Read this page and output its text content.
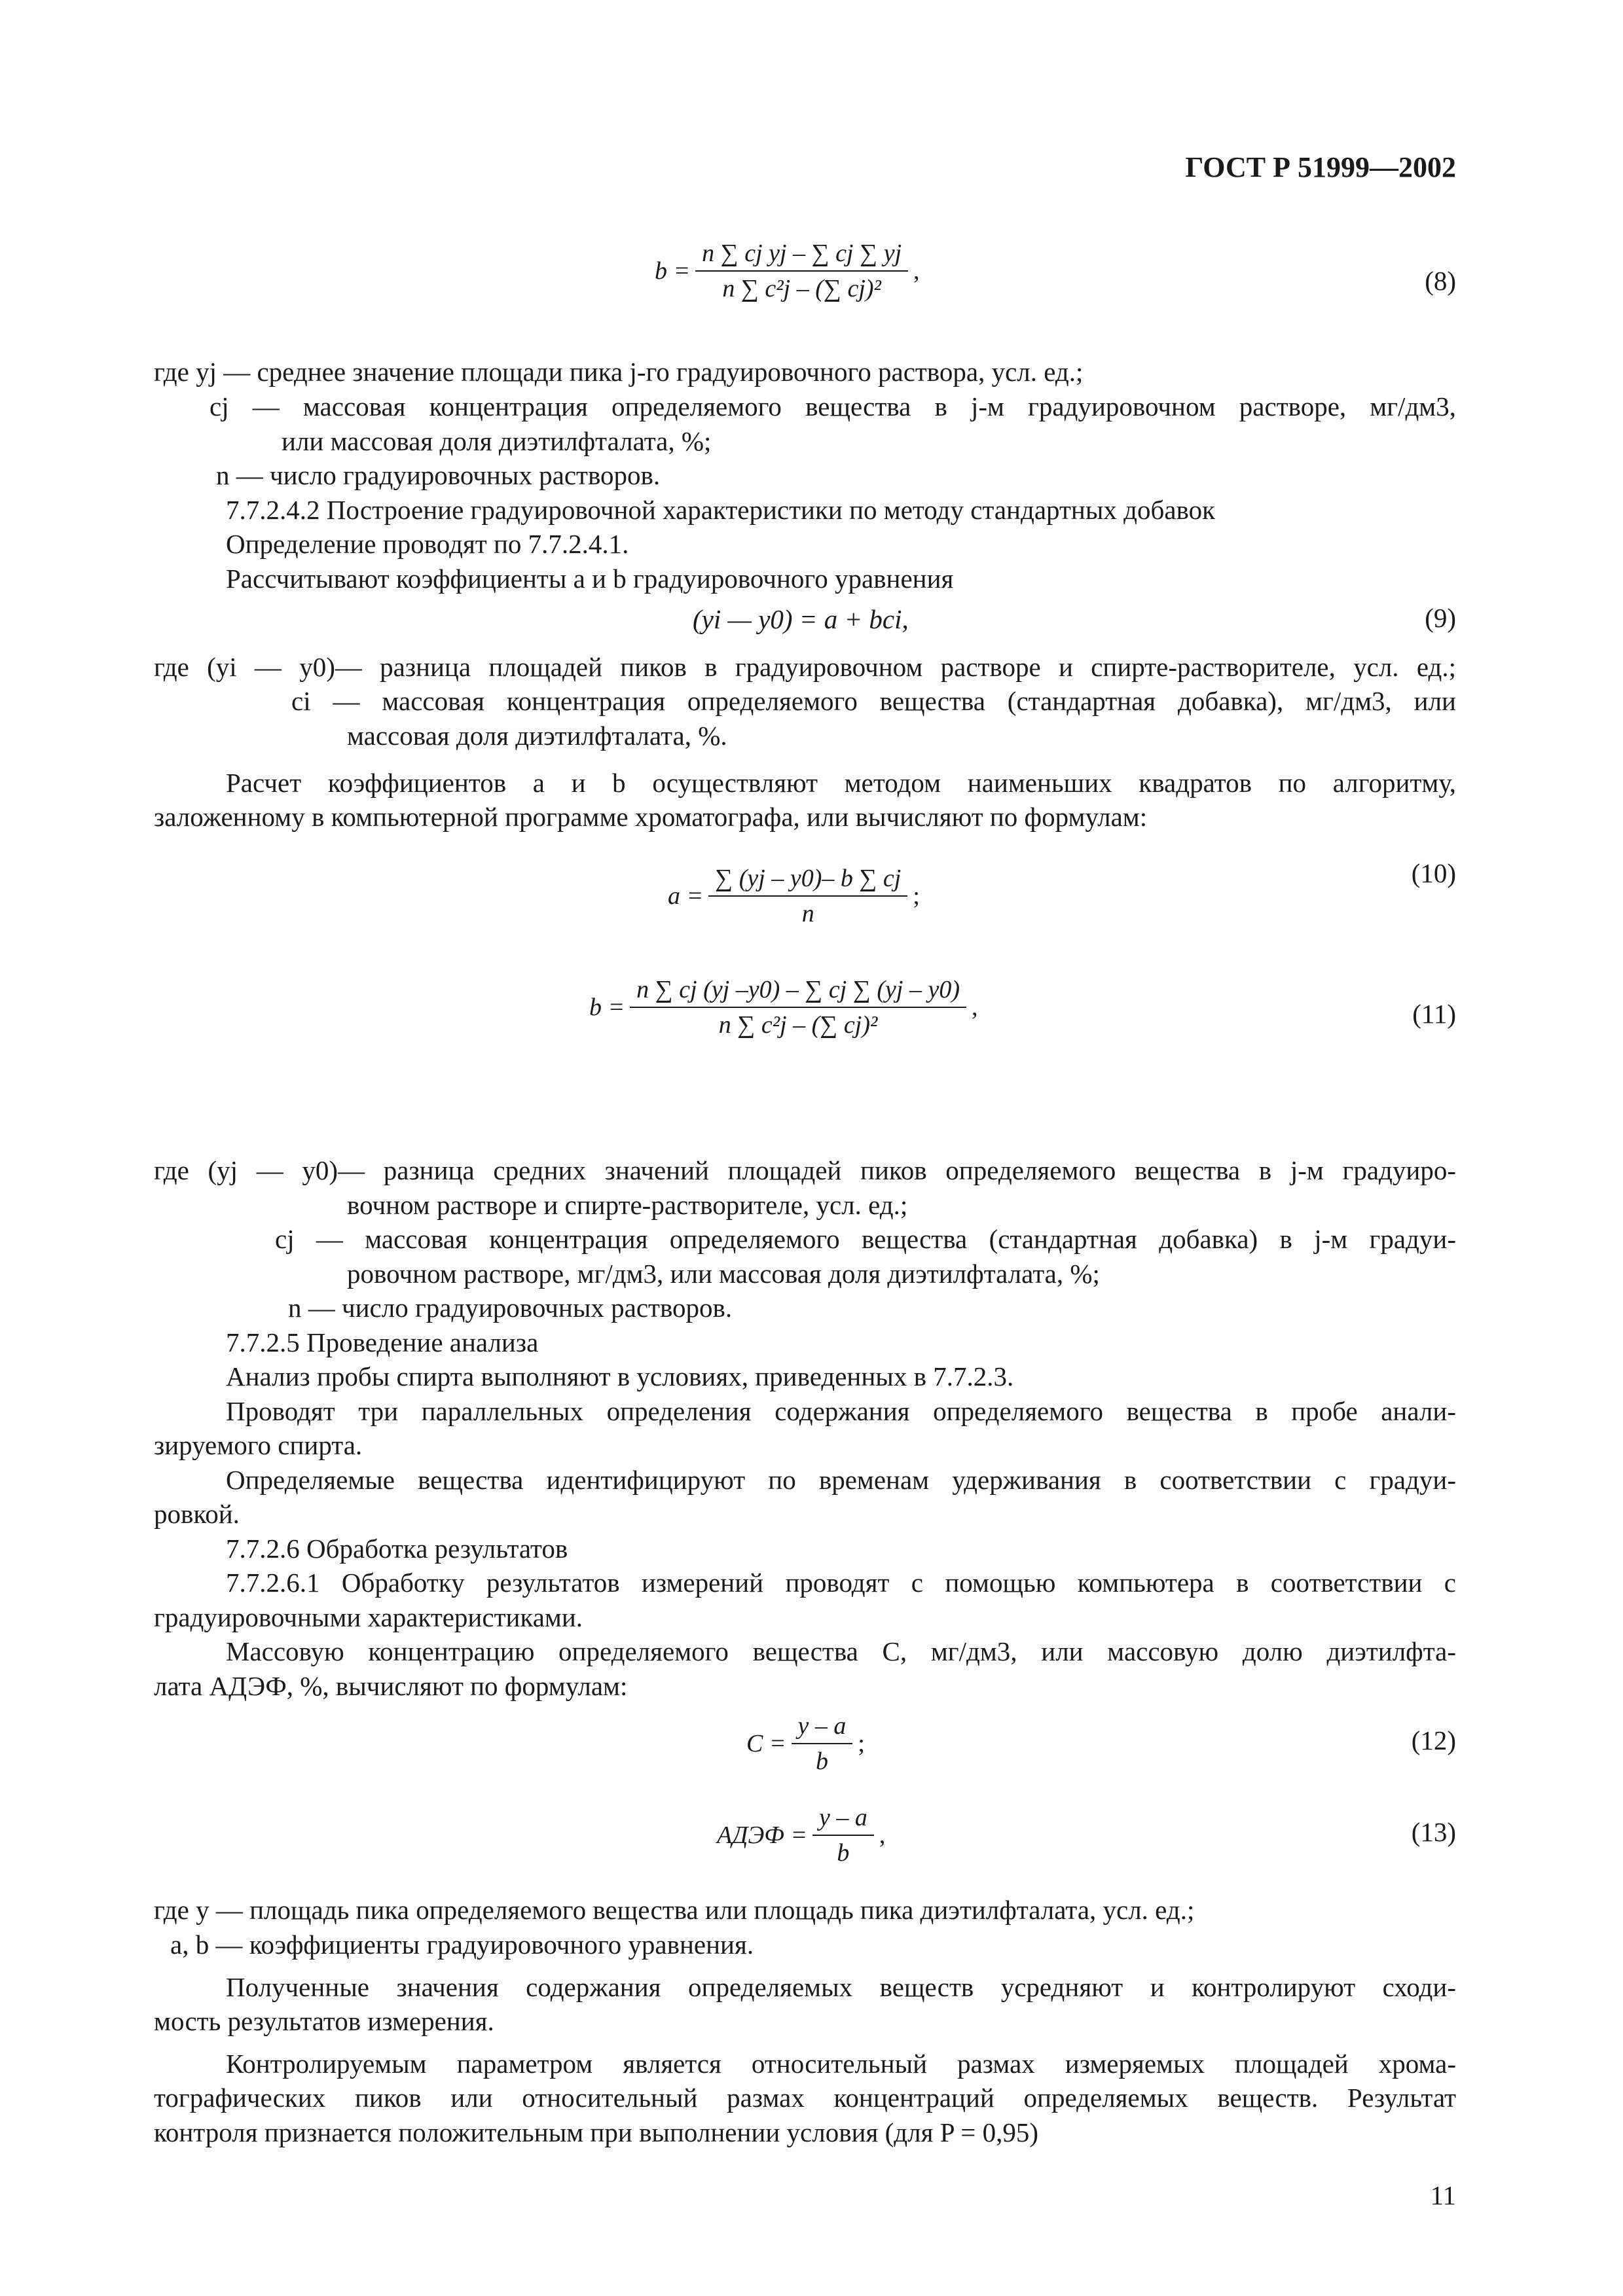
ГОСТ Р 51999—2002
$b = \frac{\text{n ∑ cj yj – ∑ cj ∑ yj}}{\text{n ∑ c²j – (∑ cj)²}}$ ,	(8)
где yj — среднее значение площади пика j-го градуировочного раствора, усл. ед.;
cj — массовая концентрация определяемого вещества в j-м градуировочном растворе, мг/дм3,
или массовая доля диэтилфталата, %;
n — число градуировочных растворов.
7.7.2.4.2 Построение градуировочной характеристики по методу стандартных добавок
Определение проводят по 7.7.2.4.1.
Рассчитывают коэффициенты a и b градуировочного уравнения
(yi — y0) = a + bci,	(9)
где (yi — y0)— разница площадей пиков в градуировочном растворе и спирте-растворителе, усл. ед.;
ci — массовая концентрация определяемого вещества (стандартная добавка), мг/дм3, или
массовая доля диэтилфталата, %.
Расчет коэффициентов a и b осуществляют методом наименьших квадратов по алгоритму,
заложенному в компьютерной программе хроматографа, или вычисляют по формулам:
$a = \frac{\sum (yj - y0)- b \sum cj}{n}$ ;
(10)
$b = \frac{n \sum cj (yj -y0) - \sum cj \sum (yj - y0)}{\text{n ∑ c²j – (∑ cj)²}}$ ,	(11)
где (yj — y0)— разница средних значений площадей пиков определяемого вещества в j-м градуиро-
вочном растворе и спирте-растворителе, усл. ед.;
cj — массовая концентрация определяемого вещества (стандартная добавка) в j-м градуи-
ровочном растворе, мг/дм3, или массовая доля диэтилфталата, %;
n — число градуировочных растворов.
7.7.2.5 Проведение анализа
Анализ пробы спирта выполняют в условиях, приведенных в 7.7.2.3.
Проводят три параллельных определения содержания определяемого вещества в пробе анали-
зируемого спирта.
Определяемые вещества идентифицируют по временам удерживания в соответствии с градуи-
ровкой.
7.7.2.6 Обработка результатов
7.7.2.6.1 Обработку результатов измерений проводят с помощью компьютера в соответствии с
градуировочными характеристиками.
Массовую концентрацию определяемого вещества C, мг/дм3, или массовую долю диэтилфта-
лата AДЭФ, %, вычисляют по формулам:
$C = \frac{y - a}{b}$ ;	(12)
AДЭФ = $\frac{y - a}{b}$ ,	(13)
где y — площадь пика определяемого вещества или площадь пика диэтилфталата, усл. ед.;
a, b — коэффициенты градуировочного уравнения.
Полученные значения содержания определяемых веществ усредняют и контролируют сходи-
мость результатов измерения.
Контролируемым параметром является относительный размах измеряемых площадей хрома-
тографических пиков или относительный размах концентраций определяемых веществ. Результат
контроля признается положительным при выполнении условия (для P = 0,95)
11
